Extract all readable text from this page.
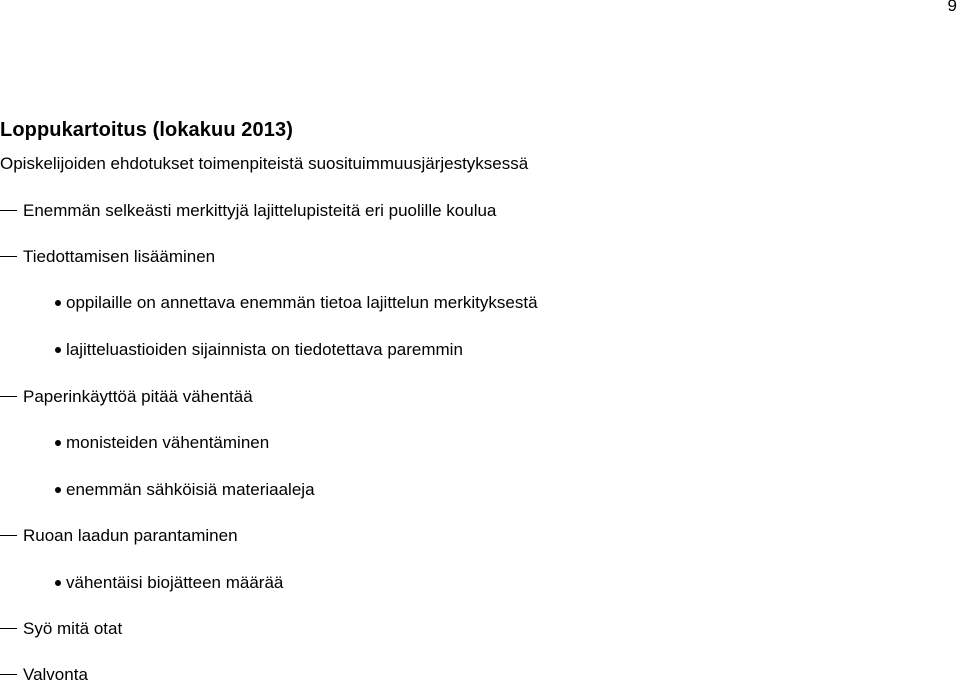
9
Loppukartoitus (lokakuu 2013)
Opiskelijoiden ehdotukset toimenpiteistä suosituimmuusjärjestyksessä
Enemmän selkeästi merkittyjä lajittelupisteitä eri puolille koulua
Tiedottamisen lisääminen
oppilaille on annettava enemmän tietoa lajittelun merkityksestä
lajitteluastioiden sijainnista on tiedotettava paremmin
Paperinkäyttöä pitää vähentää
monisteiden vähentäminen
enemmän sähköisiä materiaaleja
Ruoan laadun parantaminen
vähentäisi biojätteen määrää
Syö mitä otat
Valvonta
